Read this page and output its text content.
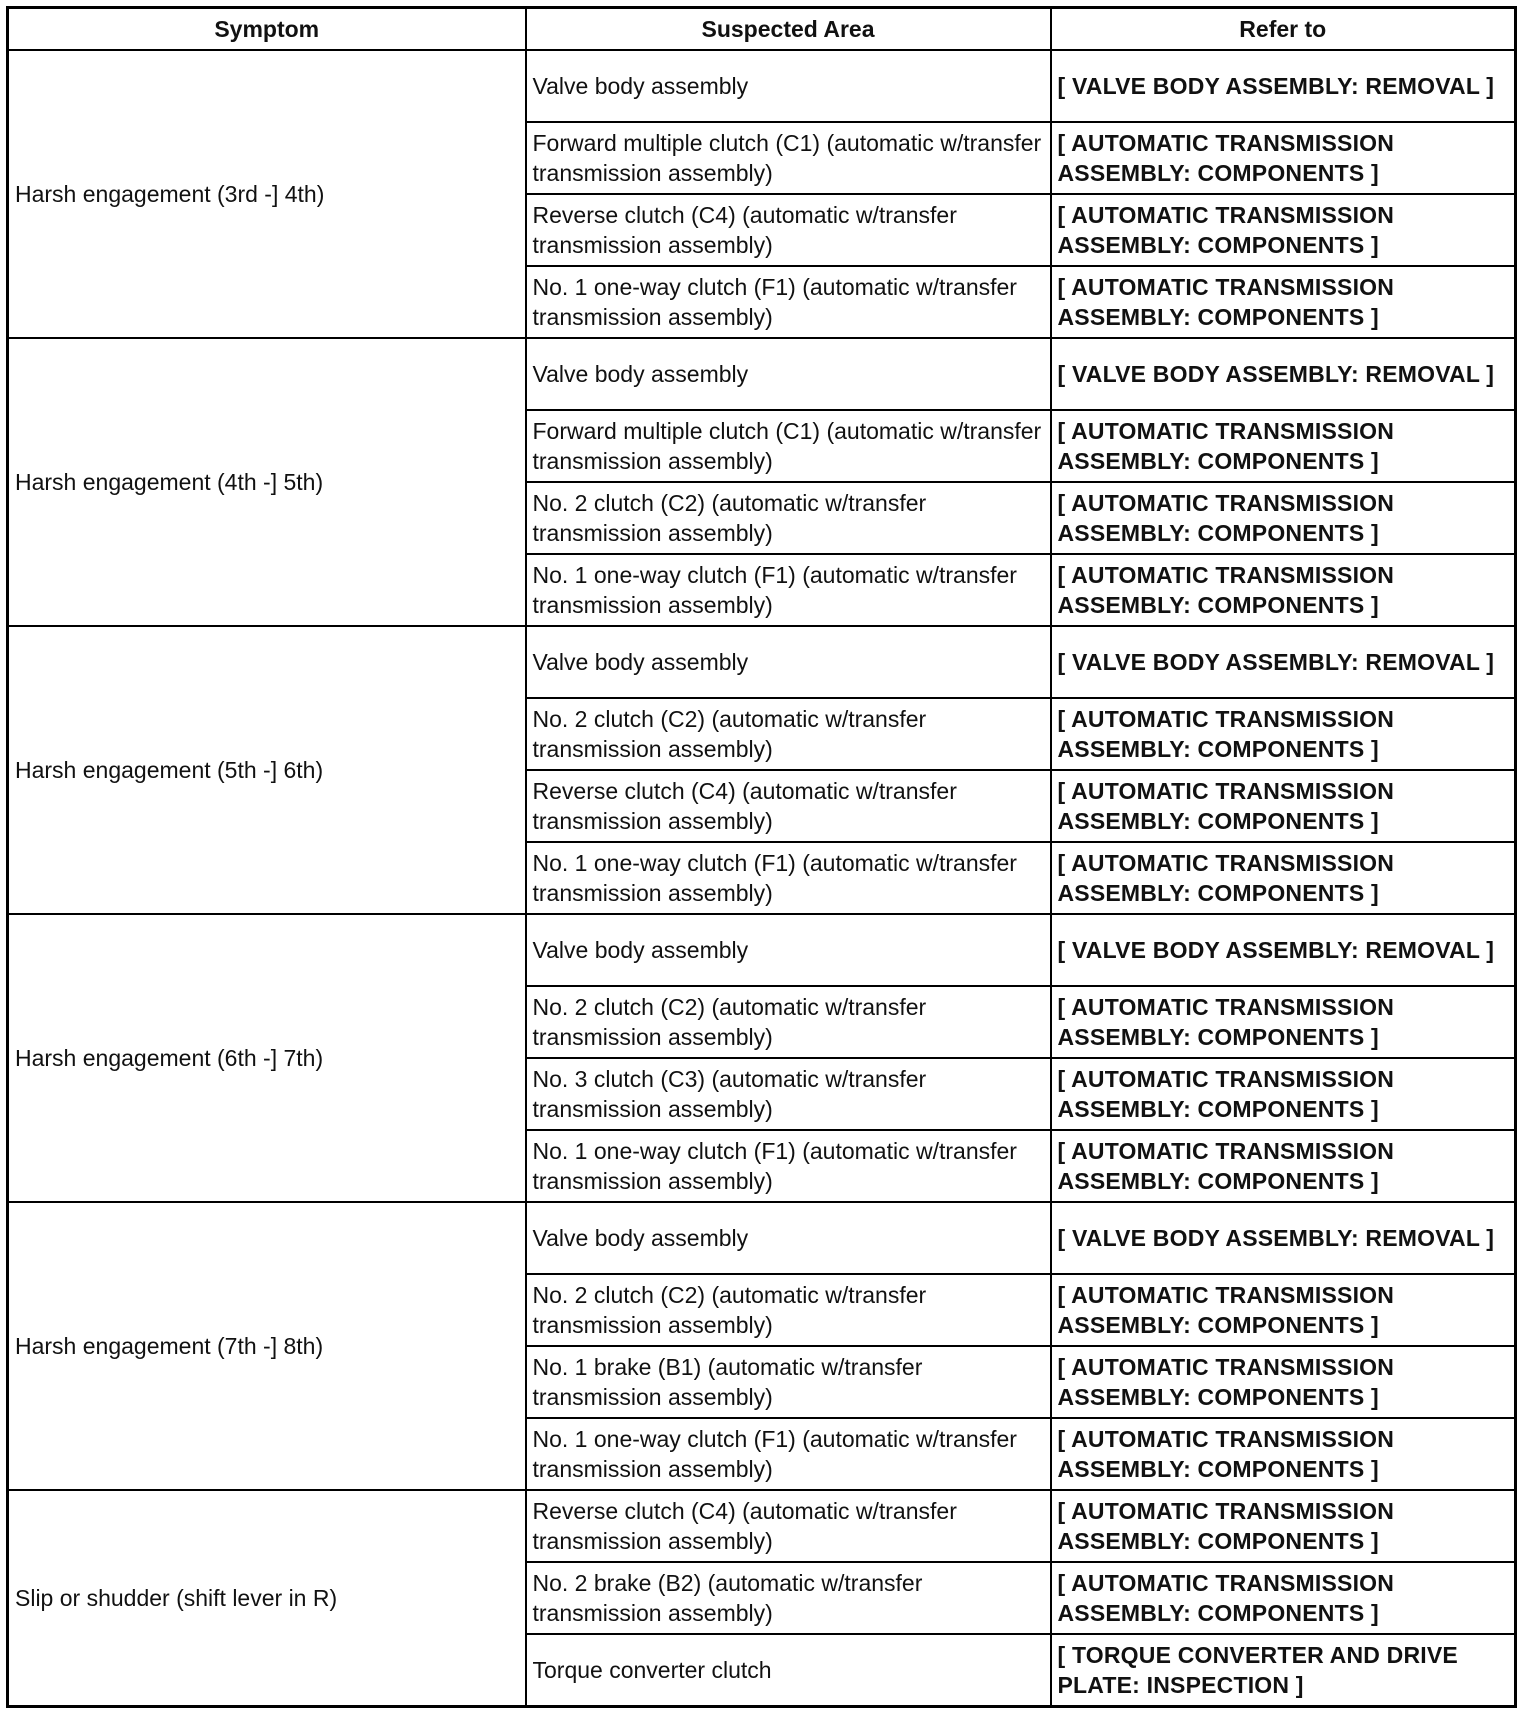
Symptom	Suspected Area	Refer to
Harsh engagement (3rd -] 4th)	Valve body assembly	[ VALVE BODY ASSEMBLY: REMOVAL ]
	Forward multiple clutch (C1) (automatic w/transfer transmission assembly)	[ AUTOMATIC TRANSMISSION ASSEMBLY: COMPONENTS ]
	Reverse clutch (C4) (automatic w/transfer transmission assembly)	[ AUTOMATIC TRANSMISSION ASSEMBLY: COMPONENTS ]
	No. 1 one-way clutch (F1) (automatic w/transfer transmission assembly)	[ AUTOMATIC TRANSMISSION ASSEMBLY: COMPONENTS ]
Harsh engagement (4th -] 5th)	Valve body assembly	[ VALVE BODY ASSEMBLY: REMOVAL ]
	Forward multiple clutch (C1) (automatic w/transfer transmission assembly)	[ AUTOMATIC TRANSMISSION ASSEMBLY: COMPONENTS ]
	No. 2 clutch (C2) (automatic w/transfer transmission assembly)	[ AUTOMATIC TRANSMISSION ASSEMBLY: COMPONENTS ]
	No. 1 one-way clutch (F1) (automatic w/transfer transmission assembly)	[ AUTOMATIC TRANSMISSION ASSEMBLY: COMPONENTS ]
Harsh engagement (5th -] 6th)	Valve body assembly	[ VALVE BODY ASSEMBLY: REMOVAL ]
	No. 2 clutch (C2) (automatic w/transfer transmission assembly)	[ AUTOMATIC TRANSMISSION ASSEMBLY: COMPONENTS ]
	Reverse clutch (C4) (automatic w/transfer transmission assembly)	[ AUTOMATIC TRANSMISSION ASSEMBLY: COMPONENTS ]
	No. 1 one-way clutch (F1) (automatic w/transfer transmission assembly)	[ AUTOMATIC TRANSMISSION ASSEMBLY: COMPONENTS ]
Harsh engagement (6th -] 7th)	Valve body assembly	[ VALVE BODY ASSEMBLY: REMOVAL ]
	No. 2 clutch (C2) (automatic w/transfer transmission assembly)	[ AUTOMATIC TRANSMISSION ASSEMBLY: COMPONENTS ]
	No. 3 clutch (C3) (automatic w/transfer transmission assembly)	[ AUTOMATIC TRANSMISSION ASSEMBLY: COMPONENTS ]
	No. 1 one-way clutch (F1) (automatic w/transfer transmission assembly)	[ AUTOMATIC TRANSMISSION ASSEMBLY: COMPONENTS ]
Harsh engagement (7th -] 8th)	Valve body assembly	[ VALVE BODY ASSEMBLY: REMOVAL ]
	No. 2 clutch (C2) (automatic w/transfer transmission assembly)	[ AUTOMATIC TRANSMISSION ASSEMBLY: COMPONENTS ]
	No. 1 brake (B1) (automatic w/transfer transmission assembly)	[ AUTOMATIC TRANSMISSION ASSEMBLY: COMPONENTS ]
	No. 1 one-way clutch (F1) (automatic w/transfer transmission assembly)	[ AUTOMATIC TRANSMISSION ASSEMBLY: COMPONENTS ]
Slip or shudder (shift lever in R)	Reverse clutch (C4) (automatic w/transfer transmission assembly)	[ AUTOMATIC TRANSMISSION ASSEMBLY: COMPONENTS ]
	No. 2 brake (B2) (automatic w/transfer transmission assembly)	[ AUTOMATIC TRANSMISSION ASSEMBLY: COMPONENTS ]
	Torque converter clutch	[ TORQUE CONVERTER AND DRIVE PLATE: INSPECTION ]
